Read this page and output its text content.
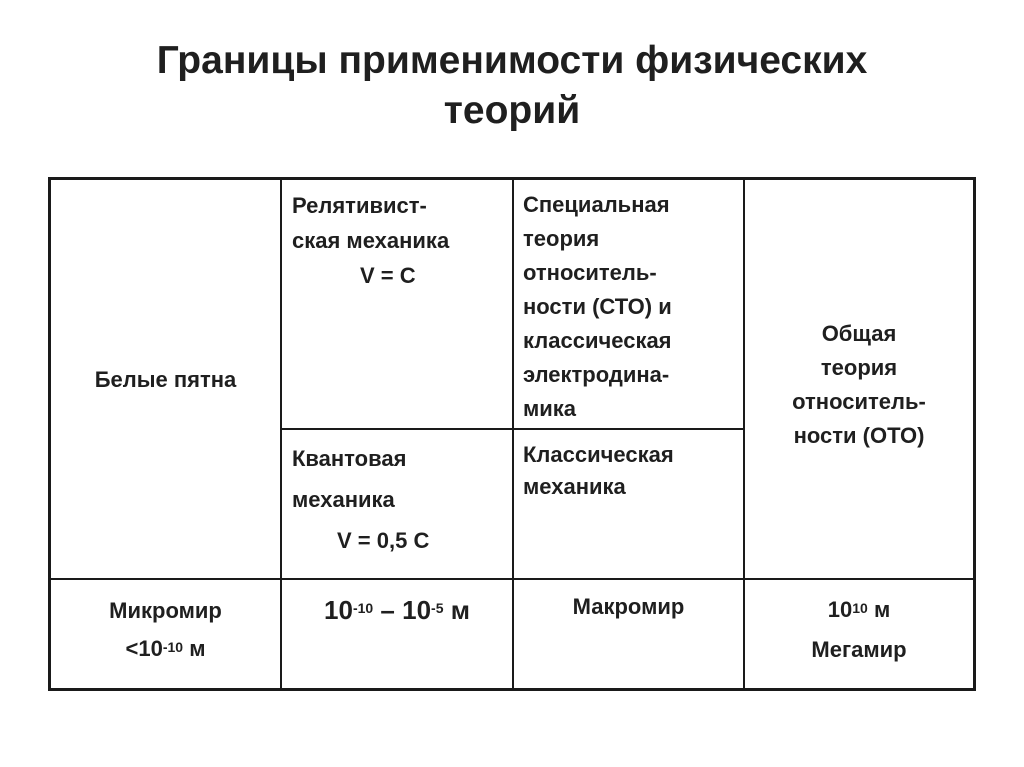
Границы применимости физических
теорий
Белые пятна
Релятивист-
ская механика
V = C
Специальная
теория
относитель-
ности (СТО) и
классическая
электродина-
мика
Общая
теория
относитель-
ности (ОТО)
Квантовая
механика
V = 0,5 С
Классическая
механика
Микромир
$<10^{-10}$ м
$10^{-10} - 10^{-5}$ м	Макромир	$10^{10}$ м
Мегамир
